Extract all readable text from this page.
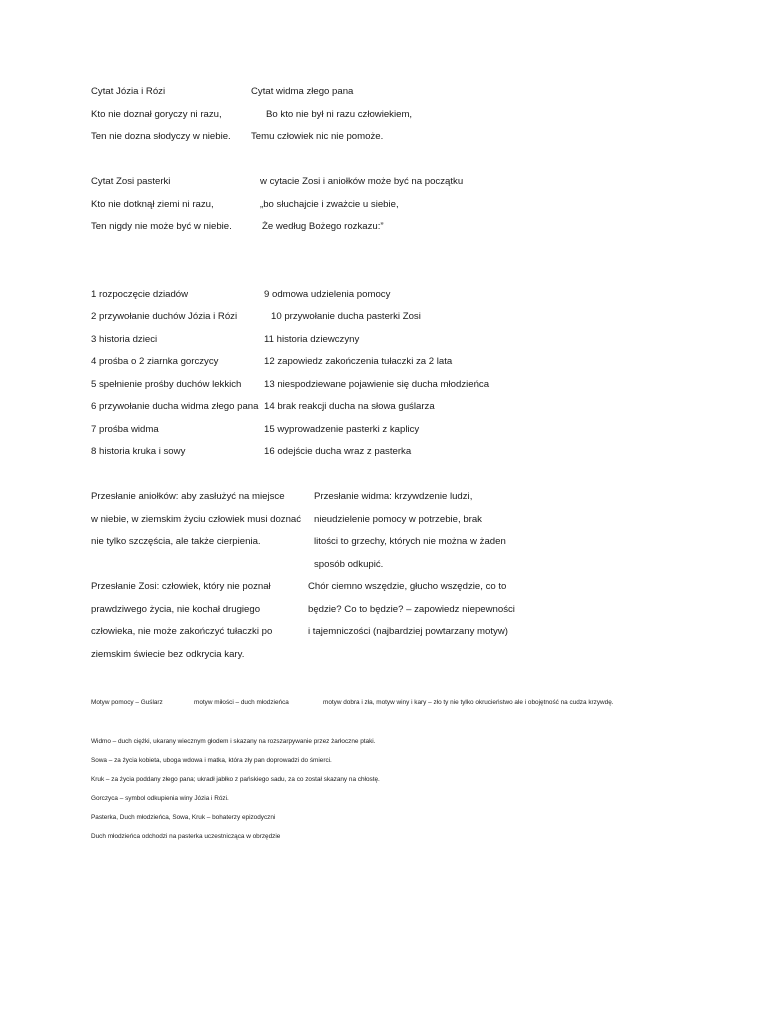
Cytat Józia i Rózi
Kto nie doznał goryczy ni razu,
Ten nie dozna słodyczy w niebie.
Cytat widma złego pana
Bo kto nie był ni razu człowiekiem,
Temu człowiek nic nie pomoże.
Cytat Zosi pasterki
Kto nie dotknął ziemi ni razu,
Ten nigdy nie może być w niebie.
w cytacie Zosi i aniołków może być na początku
„bo słuchajcie i zważcie u siebie,
Że według Bożego rozkazu:”
1 rozpoczęcie dziadów
2 przywołanie duchów Józia i Rózi
3 historia dzieci
4 prośba o 2 ziarnka gorczycy
5 spełnienie prośby duchów lekkich
6 przywołanie ducha widma złego pana
7 prośba widma
8 historia kruka i sowy
9 odmowa udzielenia pomocy
10 przywołanie ducha pasterki Zosi
11 historia dziewczyny
12 zapowiedz zakończenia tułaczki za 2 lata
13 niespodziewane pojawienie się ducha młodzieńca
14 brak reakcji ducha na słowa guślarza
15 wyprowadzenie pasterki z kaplicy
16 odejście ducha wraz z pasterka
Przesłanie aniołków: aby zasłużyć na miejsce
w niebie, w ziemskim życiu człowiek musi doznać
nie tylko szczęścia, ale także cierpienia.
Przesłanie widma: krzywdzenie ludzi,
nieudzielenie pomocy w potrzebie, brak
litości to grzechy, których nie można w żaden
sposób odkupić.
Przesłanie Zosi: człowiek, który nie poznał
prawdziwego życia, nie kochał drugiego
człowieka, nie może zakończyć tułaczki po
ziemskim świecie bez odkrycia kary.
Chór ciemno wszędzie, głucho wszędzie, co to
będzie? Co to będzie? – zapowiedz niepewności
i tajemniczości (najbardziej powtarzany motyw)
Motyw pomocy – Guślarz	motyw miłości – duch młodzieńca	motyw dobra i zła, motyw winy i kary – zło ty nie tylko okrucieństwo ale i obojętność na cudza krzywdę.
Widmo – duch ciężki, ukarany wiecznym głodem i skazany na rozszarpywanie przez żarłoczne ptaki.
Sowa – za życia kobieta, uboga wdowa i matka, która zły pan doprowadzi do śmierci.
Kruk – za życia poddany złego pana; ukradł jabłko z pańskiego sadu, za co został skazany na chłostę.
Gorczyca – symbol odkupienia winy Józia i Rózi.
Pasterka, Duch młodzieńca, Sowa, Kruk – bohaterzy epizodyczni
Duch młodzieńca odchodzi na pasterka uczestnicząca w obrzędzie
